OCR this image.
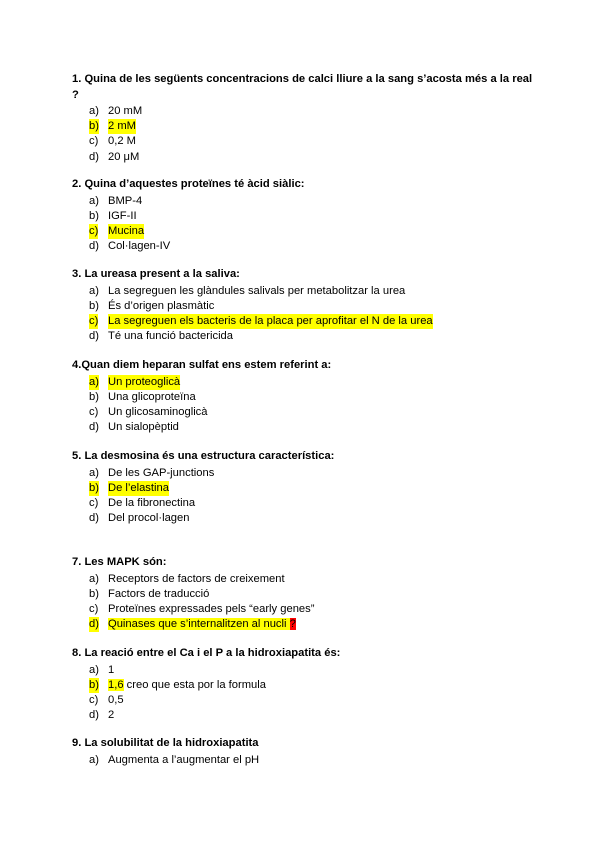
1. Quina de les següents concentracions de calci lliure a la sang s’acosta més a la real ?

a) 20 mM
b) 2 mM
c) 0,2 M
d) 20 μM

2. Quina d’aquestes proteïnes té àcid siàlic:

a) BMP-4
b) IGF-II
c) Mucina
d) Col·lagen-IV

3. La ureasa present a la saliva:

a) La segreguen les glàndules salivals per metabolitzar la urea
b) És d’origen plasmàtic
c) La segreguen els bacteris de la placa per aprofitar el N de la urea
d) Té una funció bactericida

4.Quan diem heparan sulfat ens estem referint a:

a) Un proteoglicà
b) Una glicoproteïna
c) Un glicosaminoglicà
d) Un sialopèptid

5. La desmosina és una estructura característica:

a) De les GAP-junctions
b) De l’elastina
c) De la fibronectina
d) Del procol·lagen

7. Les MAPK són:

a) Receptors de factors de creixement
b) Factors de traducció
c) Proteïnes expressades pels “early genes”
d) Quinases que s’internalitzen al nucli ?

8. La reació entre el Ca i el P a la hidroxiapatita és:

a) 1
b) 1,6 creo que esta por la formula
c) 0,5
d) 2

9. La solubilitat de la hidroxiapatita

a) Augmenta a l’augmentar el pH
